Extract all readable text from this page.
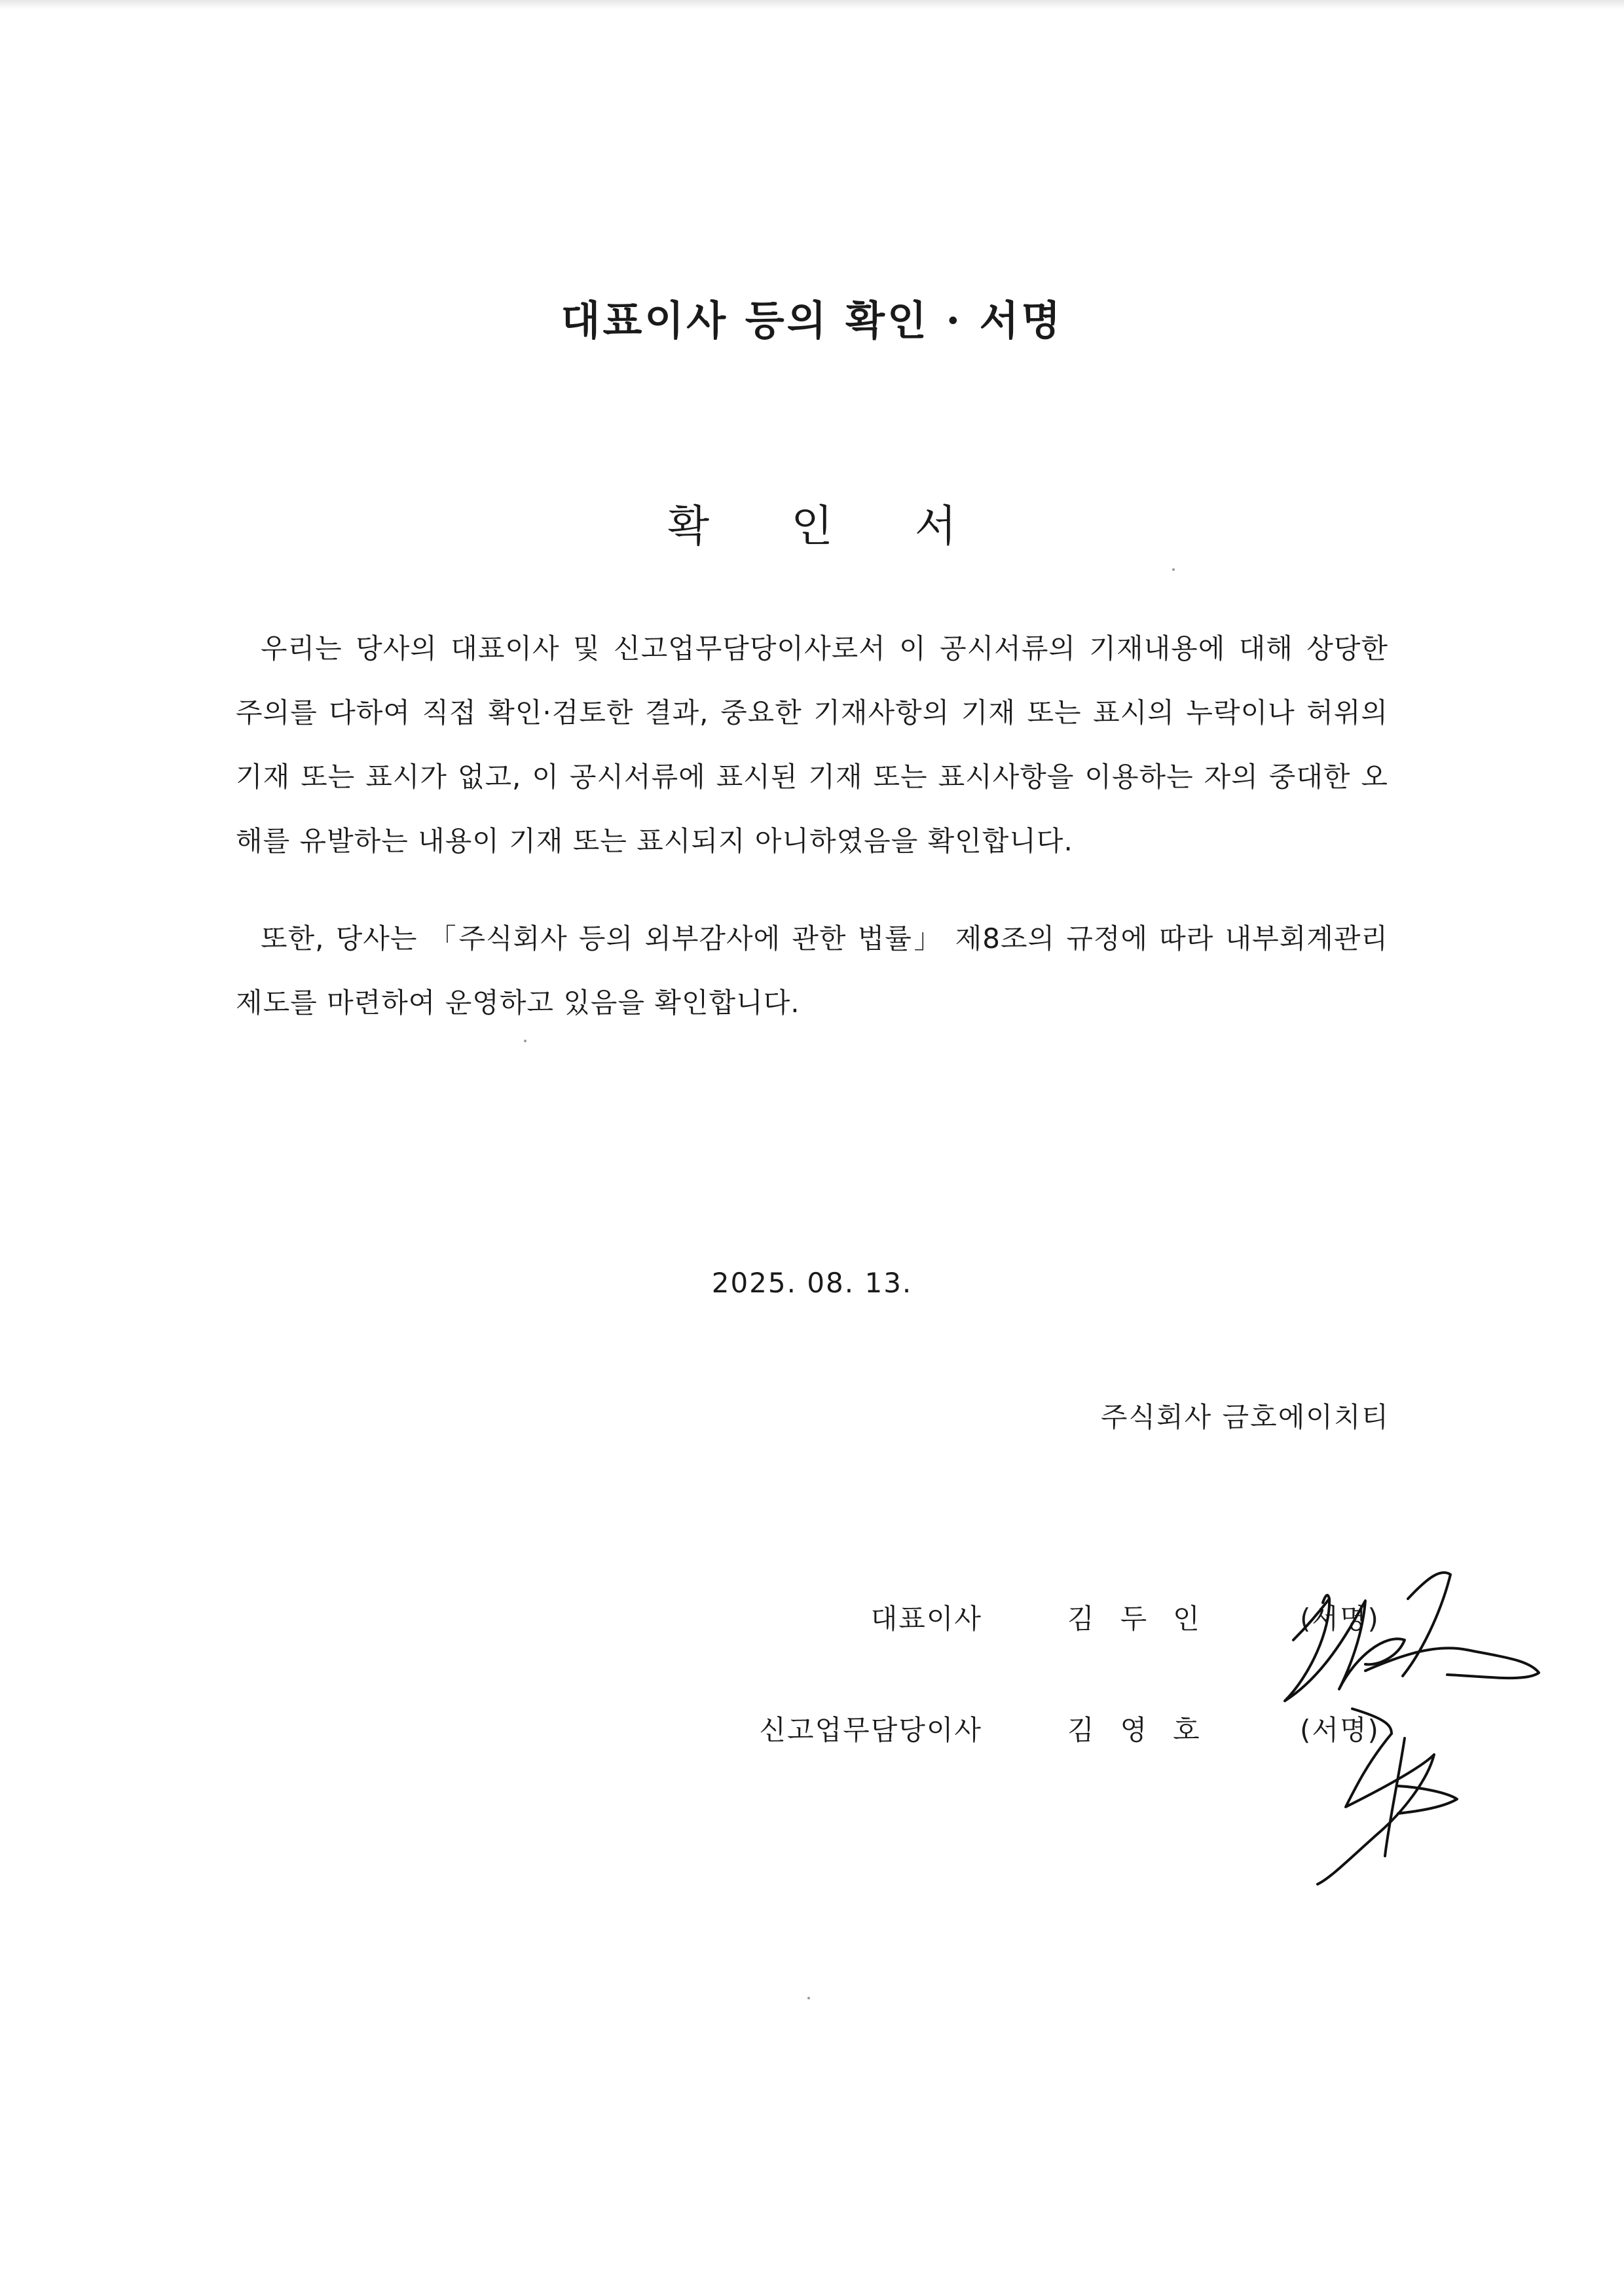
대표이사 등의 확인 · 서명
확 인 서

우리는 당사의 대표이사 및 신고업무담당이사로서 이 공시서류의 기재내용에 대해 상당한 주의를 다하여 직접 확인·검토한 결과, 중요한 기재사항의 기재 또는 표시의 누락이나 허위의 기재 또는 표시가 없고, 이 공시서류에 표시된 기재 또는 표시사항을 이용하는 자의 중대한 오해를 유발하는 내용이 기재 또는 표시되지 아니하였음을 확인합니다.

또한, 당사는 「주식회사 등의 외부감사에 관한 법률」 제8조의 규정에 따라 내부회계관리제도를 마련하여 운영하고 있음을 확인합니다.

2025. 08. 13.
주식회사 금호에이치티
대표이사	김두인	(서명)
신고업무담당이사	김영호	(서명)
